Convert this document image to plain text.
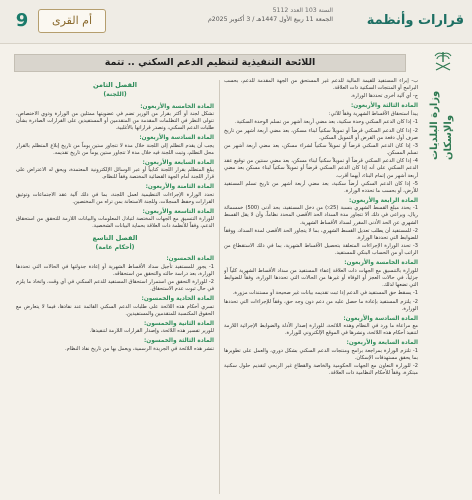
9	أم القرى
السنة 103 العدد 5112
الجمعة 11 ربيع الأول 1447هـ / 3 أكتوبر 2025م	قرارات وأنظمة
اللائحة التنفيذية لتنظيم الدعم السكني .. تتمة
وزارة البلديات والإسكان
ب- إبراء المستفيد للقيمة المالية للدعم غير المستحق من الجهة المقدمة للدعم، بحسب البرامج أو المنتجات السكنية ذات العلاقة.
ج- أي آلية أخرى تحددها الوزارة.
المادة الثالثة والأربعون:
يبدأ استحقاق الأقساط الشهرية وفقاً للآتي:
1- إذا كان الدعم السكني وحدة سكنية، بعد مضي أربعة أشهر من تسلم الوحدة السكنية.
2- إذا كان الدعم السكني قرضاً أو تمويلاً سكنياً لبناء مسكن، بعد مضي أربعة أشهر من تاريخ صرف أول دفعة من القرض أو التمويل السكني.
3- إذا كان الدعم السكني قرضاً أو تمويلاً سكنياً لشراء مسكن، بعد مضي أربعة أشهر من تسلم المسكن.
4- إذا كان الدعم السكني قرضاً أو تمويلاً سكنياً لبناء مسكن، بعد مضي سنتين من توقيع عقد الدعم السكني على أنه إذا كان الدعم السكني قرضاً أو تمويلاً سكنياً لبناء مسكن بعد مضي أربعة أشهر من إتمام البناء، أيهما أقرب.
5- إذا كان الدعم السكني أرضاً سكنية، بعد مضي أربعة أشهر من تاريخ تسلم المستفيد للأرض، أو بحسب ما تحدده الوزارة.
المادة الرابعة والأربعون:
1- يحدد مبلغ القسط الشهري بنسبة (25٪) من دخل المستفيد، بحد أدنى (500) خمسمائة ريال، ويراعى في ذلك ألا تتجاوز مدة السداد الحد الأقصى المحدد نظاماً، وأن لا يقل القسط الشهري عن الحد الأدنى المقرر لسداد الأقساط الشهرية.
2- للمستفيد أن يطلب تعديل القسط الشهري، بما لا يتجاوز الحد الأقصى لمدة السداد، ووفقاً للضوابط التي تحددها الوزارة.
3- تحدد الوزارة الإجراءات المتعلقة بتحصيل الأقساط الشهرية، بما في ذلك الاستقطاع من الراتب أو من الحساب البنكي للمستفيد.
المادة الخامسة والأربعون:
للوزارة بالتنسيق مع الجهات ذات العلاقة إعفاء المستفيد من سداد الأقساط الشهرية كلياً أو جزئياً، في حالات العجز أو الوفاة أو غيرها من الحالات التي تحددها الوزارة، وفقاً للضوابط التي تضعها لذلك.
1- يسقط حق المستفيد في الدعم إذا ثبت تقديمه بيانات غير صحيحة أو مستندات مزورة.
2- يلتزم المستفيد بإعادة ما حصل عليه من دعم دون وجه حق، وفقاً للإجراءات التي تحددها الوزارة.
المادة السادسة والأربعون:
مع مراعاة ما ورد في النظام وهذه اللائحة، للوزارة إصدار الأدلة والضوابط الإجرائية اللازمة لتنفيذ أحكام هذه اللائحة، ونشرها في الموقع الإلكتروني للوزارة.
المادة السابعة والأربعون:
1- تلتزم الوزارة بمراجعة برامج ومنتجات الدعم السكني بشكل دوري، والعمل على تطويرها بما يحقق مستهدفات الإسكان.
2- للوزارة التعاون مع الجهات الحكومية والخاصة والقطاع غير الربحي لتقديم حلول سكنية مبتكرة، وفقاً للأحكام النظامية ذات العلاقة.
الفصل الثامن
(اللجنة)
المادة الخامسة والأربعون:
تشكل لجنة أو أكثر بقرار من الوزير تضم في عضويتها ممثلين من الوزارة وذوي الاختصاص، تتولى النظر في التظلمات المقدمة من المتقدمين أو المستفيدين على القرارات الصادرة بشأن طلبات الدعم السكني، وتصدر قراراتها بالأغلبية.
المادة السادسة والأربعون:
يجب أن يقدم التظلم إلى اللجنة خلال مدة لا تتجاوز ستين يوماً من تاريخ إبلاغ المتظلم بالقرار محل التظلم، وتبت اللجنة فيه خلال مدة لا تتجاوز ستين يوماً من تاريخ تقديمه.
المادة السابعة والأربعون:
يبلغ المتظلم بقرار اللجنة كتابياً أو عبر الوسائل الإلكترونية المعتمدة، ويحق له الاعتراض على قرار اللجنة أمام الجهة القضائية المختصة وفقاً للنظام.
المادة الثامنة والأربعون:
تحدد الوزارة الإجراءات التنظيمية لعمل اللجنة، بما في ذلك آلية عقد الاجتماعات وتوثيق القرارات وحفظ السجلات، وللجنة الاستعانة بمن تراه من المختصين.
المادة التاسعة والأربعون:
للوزارة التنسيق مع الجهات المختصة لتبادل المعلومات والبيانات اللازمة للتحقق من استحقاق الدعم، وفقاً للأنظمة ذات العلاقة بحماية البيانات الشخصية.
الفصل التاسع
(أحكام عامة)
المادة الخمسون:
1- يجوز للمستفيد تأجيل سداد الأقساط الشهرية أو إعادة جدولتها في الحالات التي تحددها الوزارة، بعد دراسة حالته والتحقق من استحقاقه.
2- للوزارة التحقق من استمرار استحقاق المستفيد للدعم السكني في أي وقت، واتخاذ ما يلزم في حال ثبوت عدم الاستحقاق.
المادة الحادية والخمسون:
تسري أحكام هذه اللائحة على طلبات الدعم السكني القائمة عند نفاذها، فيما لا يتعارض مع الحقوق المكتسبة للمتقدمين والمستفيدين.
المادة الثانية والخمسون:
للوزير تفسير هذه اللائحة، وإصدار القرارات اللازمة لتنفيذها.
المادة الثالثة والخمسون:
تنشر هذه اللائحة في الجريدة الرسمية، ويعمل بها من تاريخ نفاذ النظام.
